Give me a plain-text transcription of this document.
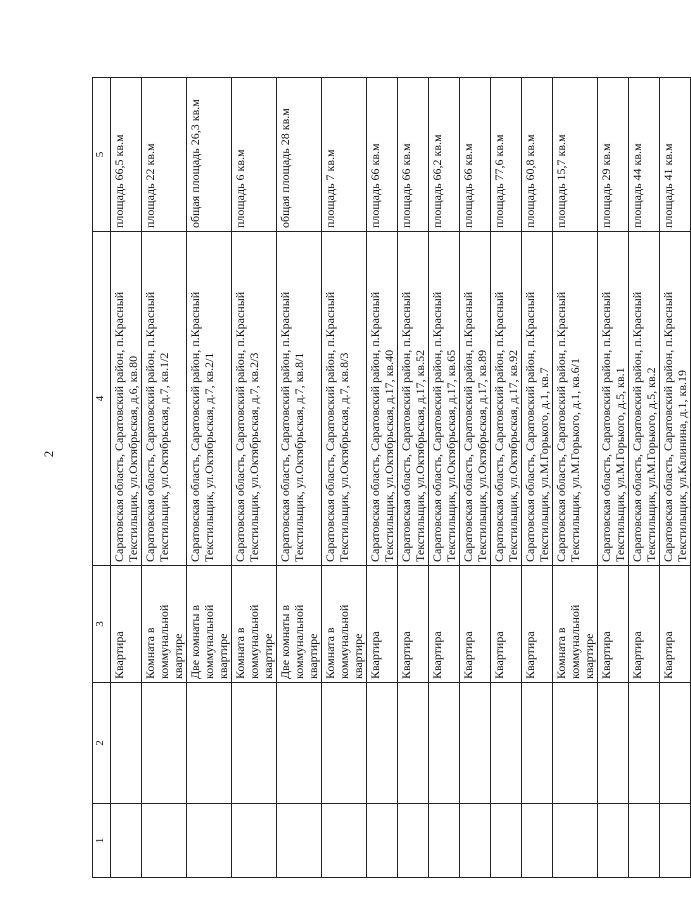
2
1	2	3	4	5

		Квартира	Саратовская область, Саратовский район, п.Красный Текстильщик, ул.Октябрьская, д.6, кв.80	площадь 66,5 кв.м

		Комната в коммунальной квартире	Саратовская область, Саратовский район, п.Красный Текстильщик, ул.Октябрьская, д.7, кв.1/2	площадь 22 кв.м

		Две комнаты в коммунальной квартире	Саратовская область, Саратовский район, п.Красный Текстильщик, ул.Октябрьская, д.7, кв.2/1	общая площадь 26,3 кв.м

		Комната в коммунальной квартире	Саратовская область, Саратовский район, п.Красный Текстильщик, ул.Октябрьская, д.7, кв.2/3	площадь 6 кв.м

		Две комнаты в коммунальной квартире	Саратовская область, Саратовский район, п.Красный Текстильщик, ул.Октябрьская, д.7, кв.8/1	общая площадь 28 кв.м

		Комната в коммунальной квартире	Саратовская область, Саратовский район, п.Красный Текстильщик, ул.Октябрьская, д.7, кв.8/3	площадь 7 кв.м

		Квартира	Саратовская область, Саратовский район, п.Красный Текстильщик, ул.Октябрьская, д.17, кв.40	площадь 66 кв.м

		Квартира	Саратовская область, Саратовский район, п.Красный Текстильщик, ул.Октябрьская, д.17, кв.52	площадь 66 кв.м

		Квартира	Саратовская область, Саратовский район, п.Красный Текстильщик, ул.Октябрьская, д.17, кв.65	площадь 66,2 кв.м

		Квартира	Саратовская область, Саратовский район, п.Красный Текстильщик, ул.Октябрьская, д.17, кв.89	площадь 66 кв.м

		Квартира	Саратовская область, Саратовский район, п.Красный Текстильщик, ул.Октябрьская, д.17, кв.92	площадь 77,6 кв.м

		Квартира	Саратовская область, Саратовский район, п.Красный Текстильщик, ул.М.Горького, д.1, кв.7	площадь 60,8 кв.м

		Комната в коммунальной квартире	Саратовская область, Саратовский район, п.Красный Текстильщик, ул.М.Горького, д.1, кв.6/1	площадь 15,7 кв.м

		Квартира	Саратовская область, Саратовский район, п.Красный Текстильщик, ул.М.Горького, д.5, кв.1	площадь 29 кв.м

		Квартира	Саратовская область, Саратовский район, п.Красный Текстильщик, ул.М.Горького, д.5, кв.2	площадь 44 кв.м

		Квартира	Саратовская область, Саратовский район, п.Красный Текстильщик, ул.Калинина, д.1, кв.19	площадь 41 кв.м
